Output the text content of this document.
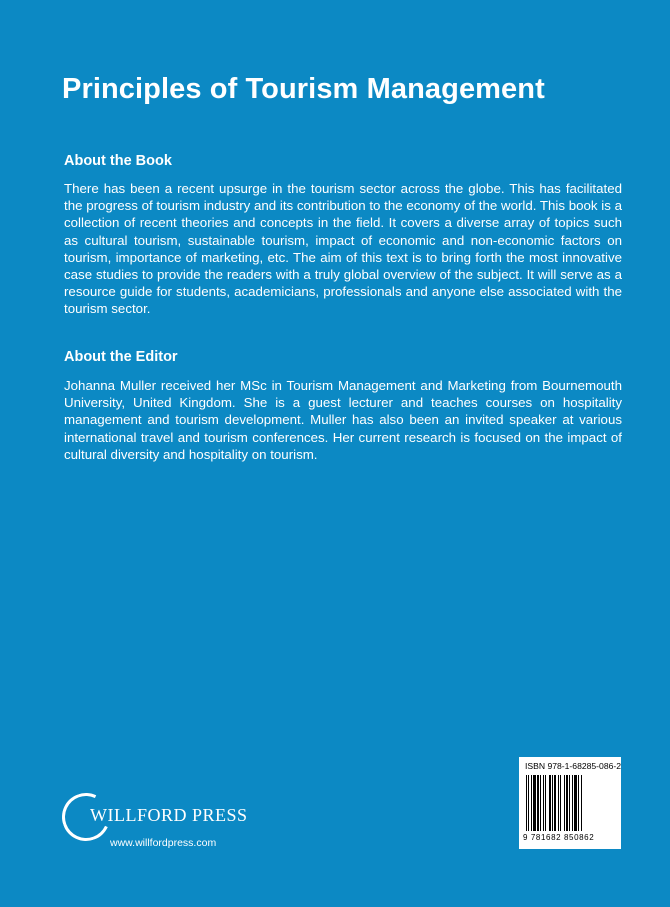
Principles of Tourism Management
About the Book

There has been a recent upsurge in the tourism sector across the globe. This has facilitated the progress of tourism industry and its contribution to the economy of the world. This book is a collection of recent theories and concepts in the field. It covers a diverse array of topics such as cultural tourism, sustainable tourism, impact of economic and non-economic factors on tourism, importance of marketing, etc. The aim of this text is to bring forth the most innovative case studies to provide the readers with a truly global overview of the subject. It will serve as a resource guide for students, academicians, professionals and anyone else associated with the tourism sector.

About the Editor

Johanna Muller received her MSc in Tourism Management and Marketing from Bournemouth University, United Kingdom. She is a guest lecturer and teaches courses on hospitality management and tourism development. Muller has also been an invited speaker at various international travel and tourism conferences. Her current research is focused on the impact of cultural diversity and hospitality on tourism.

WILLFORD PRESS
www.willfordpress.com
ISBN 978-1-68285-086-2
9 781682 850862
